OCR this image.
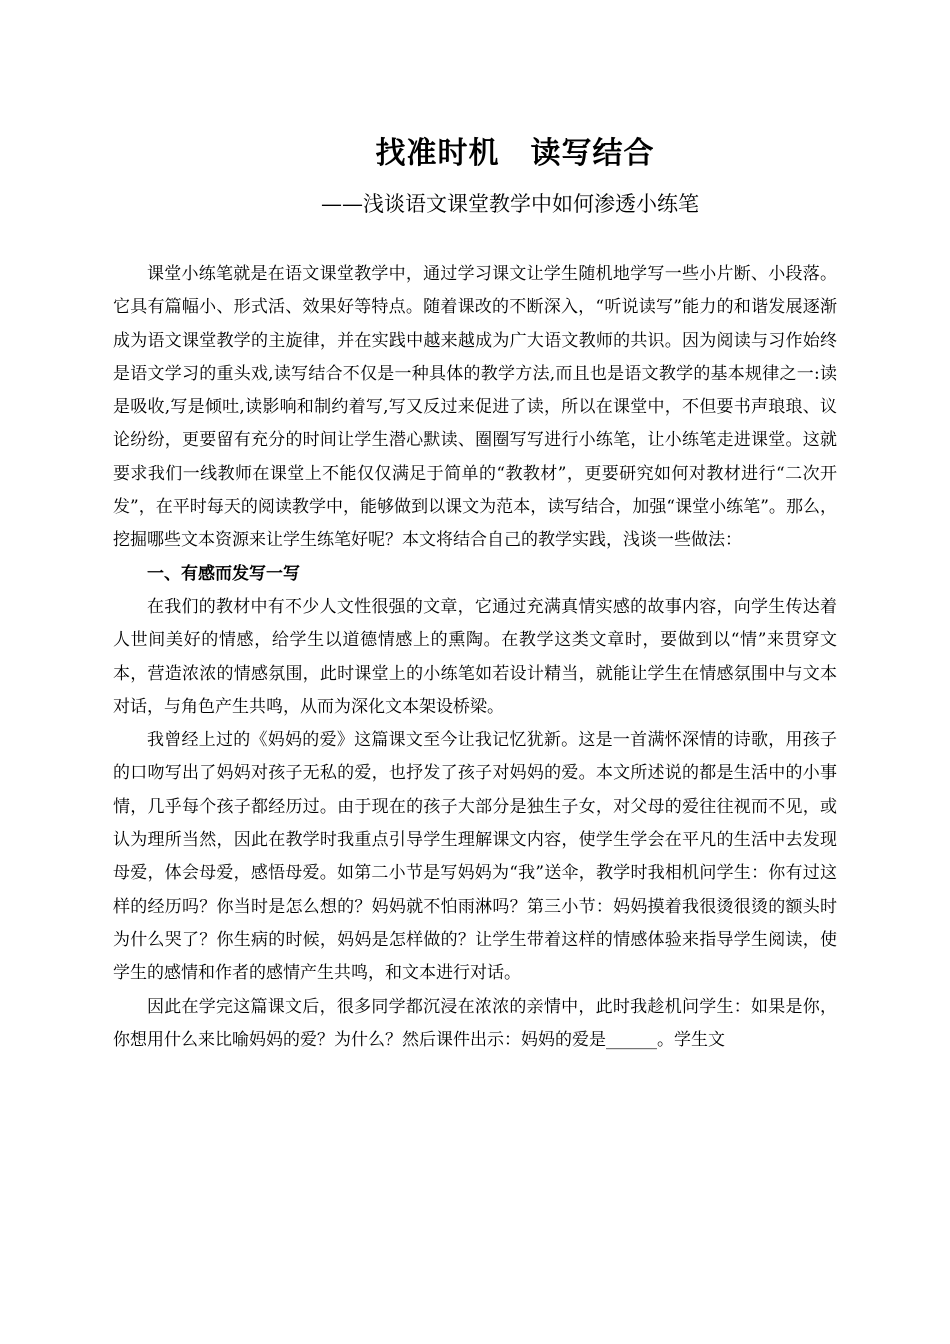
找准时机　读写结合
——浅谈语文课堂教学中如何渗透小练笔

课堂小练笔就是在语文课堂教学中，通过学习课文让学生随机地学写一些小片断、小段落。它具有篇幅小、形式活、效果好等特点。随着课改的不断深入，“听说读写”能力的和谐发展逐渐成为语文课堂教学的主旋律，并在实践中越来越成为广大语文教师的共识。因为阅读与习作始终是语文学习的重头戏,读写结合不仅是一种具体的教学方法,而且也是语文教学的基本规律之一:读是吸收,写是倾吐,读影响和制约着写,写又反过来促进了读，所以在课堂中，不但要书声琅琅、议论纷纷，更要留有充分的时间让学生潜心默读、圈圈写写进行小练笔，让小练笔走进课堂。这就要求我们一线教师在课堂上不能仅仅满足于简单的“教教材”，更要研究如何对教材进行“二次开发”，在平时每天的阅读教学中，能够做到以课文为范本，读写结合，加强“课堂小练笔”。那么，挖掘哪些文本资源来让学生练笔好呢？本文将结合自己的教学实践，浅谈一些做法：

一、有感而发写一写

在我们的教材中有不少人文性很强的文章，它通过充满真情实感的故事内容，向学生传达着人世间美好的情感，给学生以道德情感上的熏陶。在教学这类文章时，要做到以“情”来贯穿文本，营造浓浓的情感氛围，此时课堂上的小练笔如若设计精当，就能让学生在情感氛围中与文本对话，与角色产生共鸣，从而为深化文本架设桥梁。

我曾经上过的《妈妈的爱》这篇课文至今让我记忆犹新。这是一首满怀深情的诗歌，用孩子的口吻写出了妈妈对孩子无私的爱，也抒发了孩子对妈妈的爱。本文所述说的都是生活中的小事情，几乎每个孩子都经历过。由于现在的孩子大部分是独生子女，对父母的爱往往视而不见，或认为理所当然，因此在教学时我重点引导学生理解课文内容，使学生学会在平凡的生活中去发现母爱，体会母爱，感悟母爱。如第二小节是写妈妈为“我”送伞，教学时我相机问学生：你有过这样的经历吗？你当时是怎么想的？妈妈就不怕雨淋吗？第三小节：妈妈摸着我很烫很烫的额头时为什么哭了？你生病的时候，妈妈是怎样做的？让学生带着这样的情感体验来指导学生阅读，使学生的感情和作者的感情产生共鸣，和文本进行对话。

因此在学完这篇课文后，很多同学都沉浸在浓浓的亲情中，此时我趁机问学生：如果是你，你想用什么来比喻妈妈的爱？为什么？然后课件出示：妈妈的爱是______。学生文
